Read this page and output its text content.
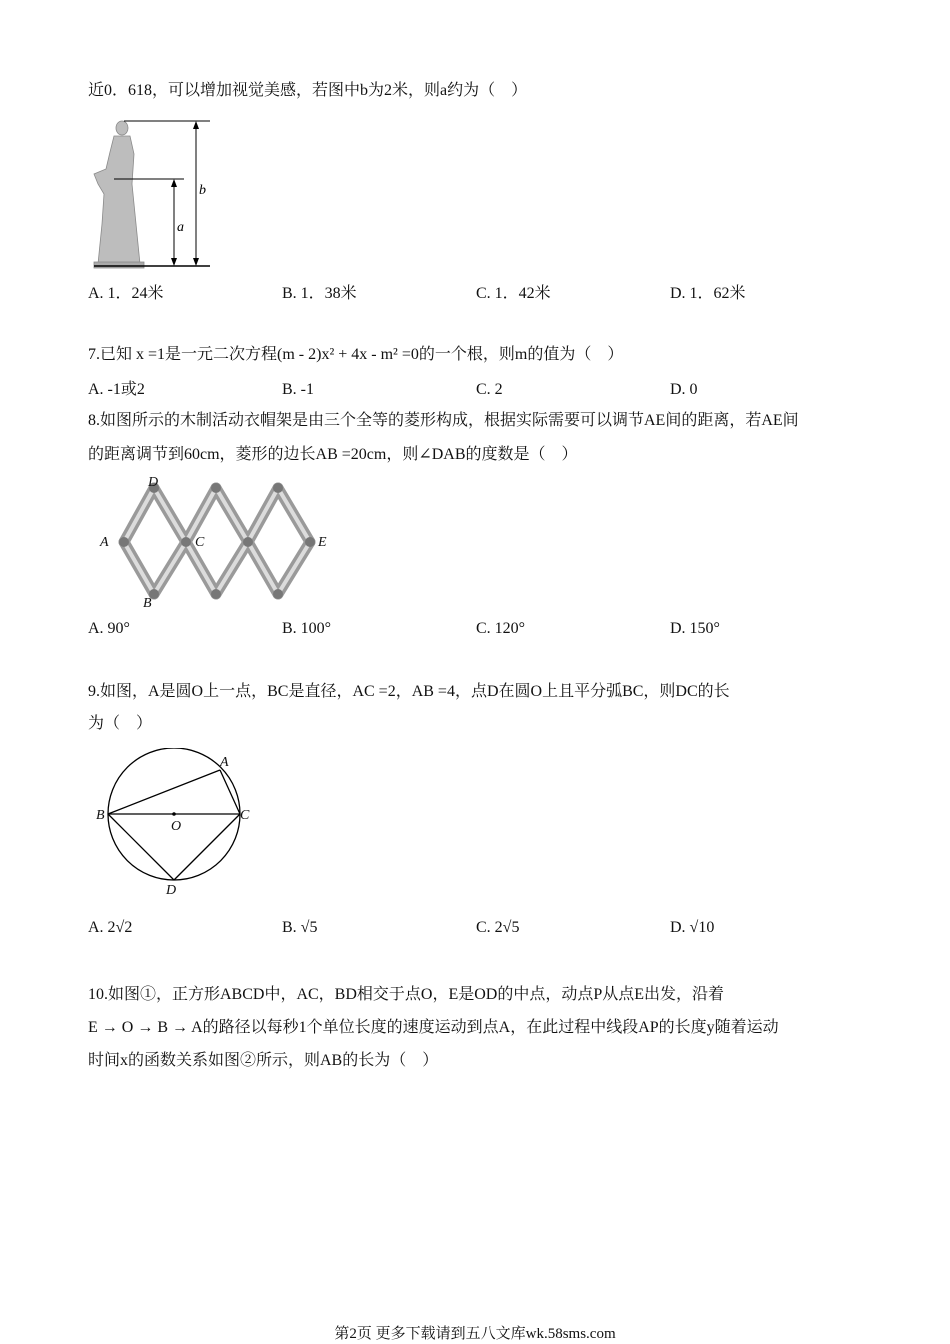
近0．618，可以增加视觉美感，若图中b为2米，则a约为（　）
b
a
A. 1．24米	B. 1．38米	C. 1．42米	D. 1．62米
7.已知 x =1是一元二次方程(m - 2)x² + 4x - m² =0的一个根，则m的值为（　）
A. -1或2	B. -1	C. 2	D. 0
8.如图所示的木制活动衣帽架是由三个全等的菱形构成，根据实际需要可以调节AE间的距离，若AE间
的距离调节到60cm，菱形的边长AB =20cm，则∠DAB的度数是（　）
D
A	C	E
B
A. 90°	B. 100°	C. 120°	D. 150°
9.如图，A是圆O上一点，BC是直径，AC =2，AB =4，点D在圆O上且平分弧BC，则DC的长
为（　）
A
B
O
C
D
A. 2√2	B. √5	C. 2√5	D. √10
10.如图①，正方形ABCD中，AC，BD相交于点O，E是OD的中点，动点P从点E出发，沿着
E → O → B → A的路径以每秒1个单位长度的速度运动到点A，在此过程中线段AP的长度y随着运动
时间x的函数关系如图②所示，则AB的长为（　）
第2页 更多下载请到五八文库wk.58sms.com
